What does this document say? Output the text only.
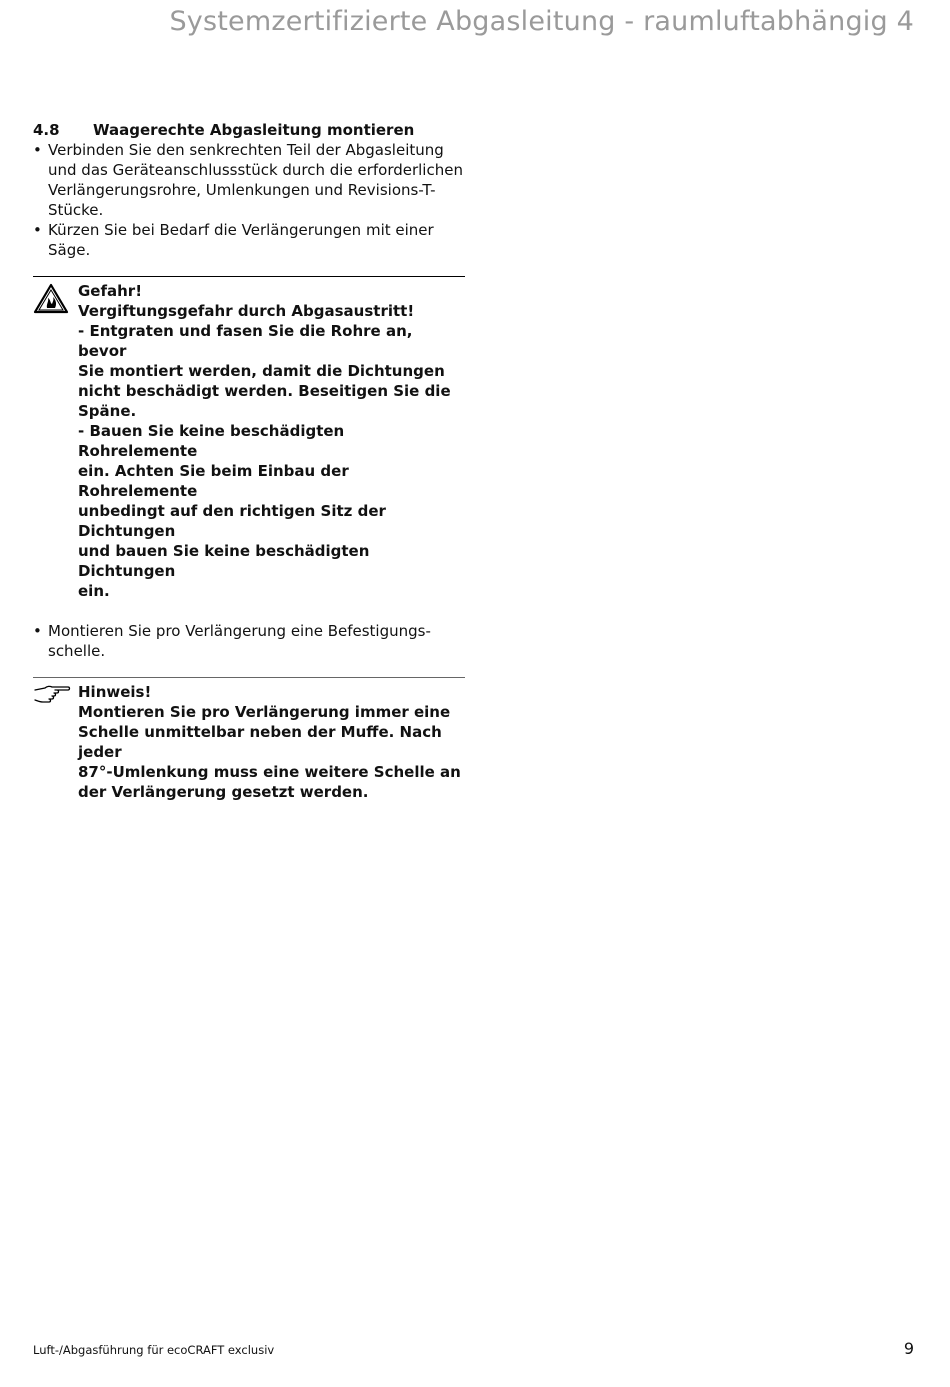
Systemzertifizierte Abgasleitung - raumluftabhängig 4
4.8	Waagerechte Abgasleitung montieren
• Verbinden Sie den senkrechten Teil der Abgasleitung
und das Geräteanschlussstück durch die erforderlichen
Verlängerungsrohre, Umlenkungen und Revisions-T-
Stücke.
• Kürzen Sie bei Bedarf die Verlängerungen mit einer
Säge.
Gefahr!
Vergiftungsgefahr durch Abgasaustritt!
- Entgraten und fasen Sie die Rohre an, bevor
Sie montiert werden, damit die Dichtungen
nicht beschädigt werden. Beseitigen Sie die
Späne.
- Bauen Sie keine beschädigten Rohrelemente
ein. Achten Sie beim Einbau der Rohrelemente
unbedingt auf den richtigen Sitz der Dichtungen
und bauen Sie keine beschädigten Dichtungen
ein.
• Montieren Sie pro Verlängerung eine Befestigungs-
schelle.
Hinweis!
Montieren Sie pro Verlängerung immer eine
Schelle unmittelbar neben der Muffe. Nach jeder
87°-Umlenkung muss eine weitere Schelle an
der Verlängerung gesetzt werden.
Luft-/Abgasführung für ecoCRAFT exclusiv	9
